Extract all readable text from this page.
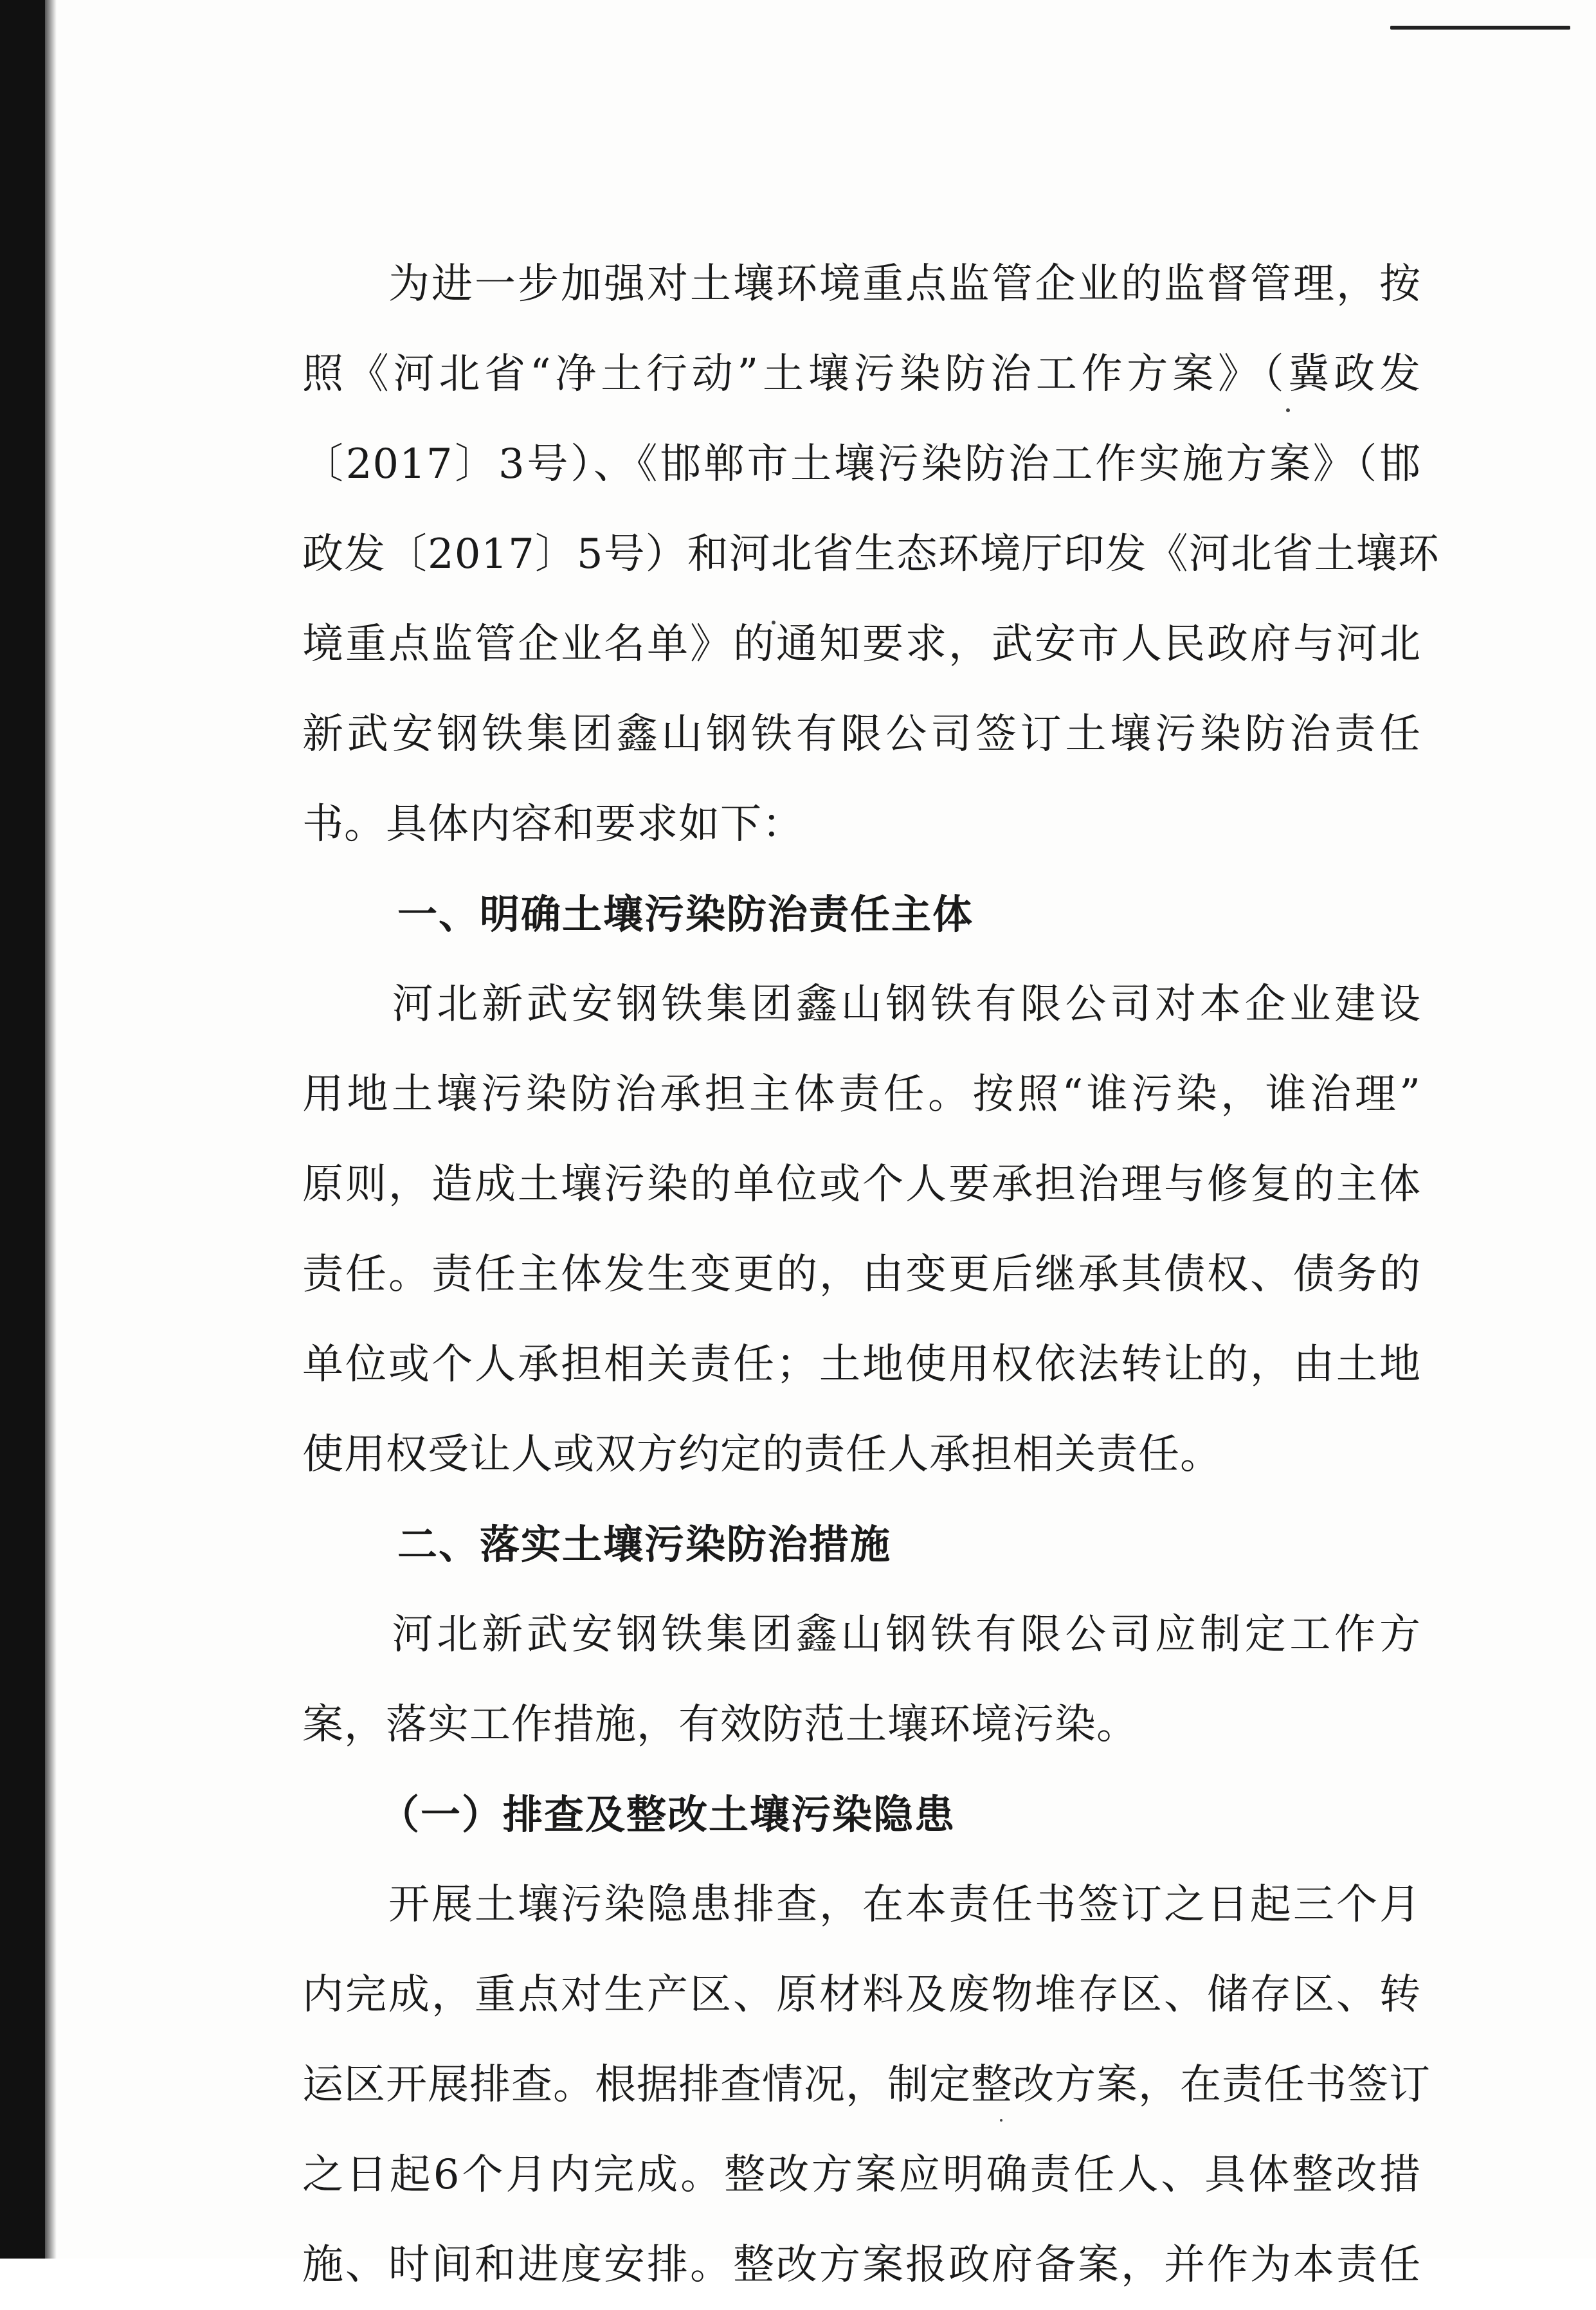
　　为进一步加强对土壤环境重点监管企业的监督管理，按
照《河北省“净土行动”土壤污染防治工作方案》（冀政发
〔2017〕3号）、《邯郸市土壤污染防治工作实施方案》（邯
政发〔2017〕5号）和河北省生态环境厅印发《河北省土壤环
境重点监管企业名单》的通知要求，武安市人民政府与河北
新武安钢铁集团鑫山钢铁有限公司签订土壤污染防治责任
书。具体内容和要求如下：
一、明确土壤污染防治责任主体
　　河北新武安钢铁集团鑫山钢铁有限公司对本企业建设
用地土壤污染防治承担主体责任。按照“谁污染，谁治理”
原则，造成土壤污染的单位或个人要承担治理与修复的主体
责任。责任主体发生变更的，由变更后继承其债权、债务的
单位或个人承担相关责任；土地使用权依法转让的，由土地
使用权受让人或双方约定的责任人承担相关责任。
二、落实土壤污染防治措施
　　河北新武安钢铁集团鑫山钢铁有限公司应制定工作方
案，落实工作措施，有效防范土壤环境污染。
（一）排查及整改土壤污染隐患
　　开展土壤污染隐患排查，在本责任书签订之日起三个月
内完成，重点对生产区、原材料及废物堆存区、储存区、转
运区开展排查。根据排查情况，制定整改方案，在责任书签订
之日起6个月内完成。整改方案应明确责任人、具体整改措
施、时间和进度安排。整改方案报政府备案，并作为本责任
